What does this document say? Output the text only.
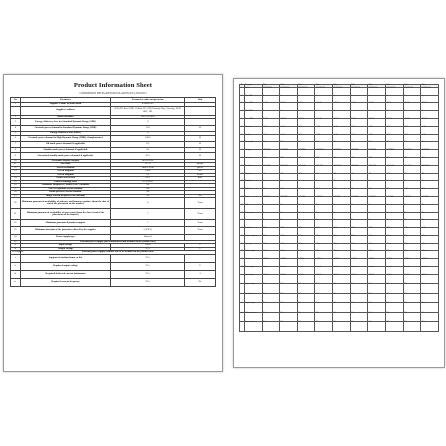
Product Information Sheet
COMMISSION DELEGATED REGULATION (EU) 2019/2013
No	Parameter	Parameter value and precision	Unit
1	Supplier's name or trade mark	SAMSUNG	
	Supplier's address	(UK) PO Box 12987, Dublin, IE / (NI) Viewsky Way, Viewsky, SE10 0DL, UK	
2	Model identifier	UE55TU7020	
3	Energy efficiency class for Standard Dynamic Range (SDR)	G	
4	On mode power demand in Standard Dynamic Range (SDR)	75.0	W
5	Energy efficiency class (HDR)	G	
6	On mode power demand in High Dynamic Range (HDR), if implemented	108.0	W
7	Off mode power demand, if applicable	0.5	W
8	Standby mode power demand, if applicable	0.5	W
9	Networked standby mode power demand, if applicable	N/A	W
10	Electronic display category	MONITOR	
11	Size ratio	16 : 9	integer
12	Screen resolution	3840 x 2160	pixels
13	Screen diagonal	138.8	cm
	Screen diagonal	55	inches
14	Visible screen area	82.3	dm2
15	Panel technology used	LCD LED	
16	Automatic Brightness Control (ABC) available	No	
17	Voice recognition sensor available	No	
18	Room presence sensor available	No	
19	Image refresh frequency rate (default)	50	Hz
20	Minimum guaranteed availability of software and firmware updates (from the date of end of the placement on the market)	8	Years
21	Minimum guaranteed availability of spare parts (from the date of end of the placement on the market)	7	Years
22	Minimum guaranteed product support	7	Years
23	Minimum duration of the guarantee offered by the supplier	3 (UK 1)	Years
24	Power supply type	Internal	
25	External power supply (not standardised and included in the product box)		
a	Input voltage	230.0	V
b	Output voltage	N/A	V
Description	External power supply (suitable one to be included in the product box)		
i	Supported standard name or list	N/A	
ii	Required output voltage	N/A	V
iii	Required delivered current (minimum)	N/A	A
iv	Required current frequency	N/A	Hz
No	Parameter	Value	Value	Value	Value	Value	Value	Value	Value	Value	Value
1	Model	UE43TU7020	UE50TU7020	UE55TU7020	UE65TU7020	UE75TU7020	UE43TU7100	UE50TU7100	UE55TU7100	UE65TU7100	UE75TU7100
2	Class SDR	G	G	G	G	G	G	G	G	G	G
3	Power SDR	63.0 W	73.0 W	75.0 W	106.0 W	129.0 W	63.0 W	73.0 W	75.0 W	106.0 W	129.0 W
4	Class HDR	G	G	G	G	G	G	G	G	G	G
5	Power HDR	93.0 W	106.0 W	108.0 W	150.0 W	183.0 W	93.0 W	106.0 W	108.0 W	150.0 W	183.0 W
6	Off mode	0.5 W	0.5 W	0.5 W	0.5 W	0.5 W	0.5 W	0.5 W	0.5 W	0.5 W	0.5 W
7	Standby	0.5 W	0.5 W	0.5 W	0.5 W	0.5 W	0.5 W	0.5 W	0.5 W	0.5 W	0.5 W
8	Net standby	N/A	N/A	N/A	N/A	N/A	N/A	N/A	N/A	N/A	N/A
9	Category	MONITOR	MONITOR	MONITOR	MONITOR	MONITOR	MONITOR	MONITOR	MONITOR	MONITOR	MONITOR
10	Size ratio	16:9	16:9	16:9	16:9	16:9	16:9	16:9	16:9	16:9	16:9
11	Resolution	3840x2160	3840x2160	3840x2160	3840x2160	3840x2160	3840x2160	3840x2160	3840x2160	3840x2160	3840x2160
12	Diagonal cm	108	125	138.8	163	189	108	125	138.8	163	189
13	Diagonal in	43	50	55	65	75	43	50	55	65	75
14	Visible area	50.5	67.4	82.3	114.4	153.1	50.5	67.4	82.3	114.4	153.1
15	Panel	LCD LED	LCD LED	LCD LED	LCD LED	LCD LED	LCD LED	LCD LED	LCD LED	LCD LED	LCD LED
16	ABC	No	No	No	No	No	No	No	No	No	No
17	Voice sensor	No	No	No	No	No	No	No	No	No	No
18	Presence sensor	No	No	No	No	No	No	No	No	No	No
19	Refresh rate	50 Hz	50 Hz	50 Hz	50 Hz	50 Hz	50 Hz	50 Hz	50 Hz	50 Hz	50 Hz
20	Software updates	8 Years	8 Years	8 Years	8 Years	8 Years	8 Years	8 Years	8 Years	8 Years	8 Years
21	Spare parts	7 Years	7 Years	7 Years	7 Years	7 Years	7 Years	7 Years	7 Years	7 Years	7 Years
22	Product support	7 Years	7 Years	7 Years	7 Years	7 Years	7 Years	7 Years	7 Years	7 Years	7 Years
23	Guarantee	3 (UK 1)	3 (UK 1)	3 (UK 1)	3 (UK 1)	3 (UK 1)	3 (UK 1)	3 (UK 1)	3 (UK 1)	3 (UK 1)	3 (UK 1)
24	Power supply	Internal	Internal	Internal	Internal	Internal	Internal	Internal	Internal	Internal	Internal
a	Input voltage	230.0 V	230.0 V	230.0 V	230.0 V	230.0 V	230.0 V	230.0 V	230.0 V	230.0 V	230.0 V
b	Output voltage	N/A	N/A	N/A	N/A	N/A	N/A	N/A	N/A	N/A	N/A
i	Standard name	N/A	N/A	N/A	N/A	N/A	N/A	N/A	N/A	N/A	N/A
ii	Output voltage	N/A	N/A	N/A	N/A	N/A	N/A	N/A	N/A	N/A	N/A
iii	Delivered current	N/A	N/A	N/A	N/A	N/A	N/A	N/A	N/A	N/A	N/A
iv	Current frequency	N/A	N/A	N/A	N/A	N/A	N/A	N/A	N/A	N/A	N/A
